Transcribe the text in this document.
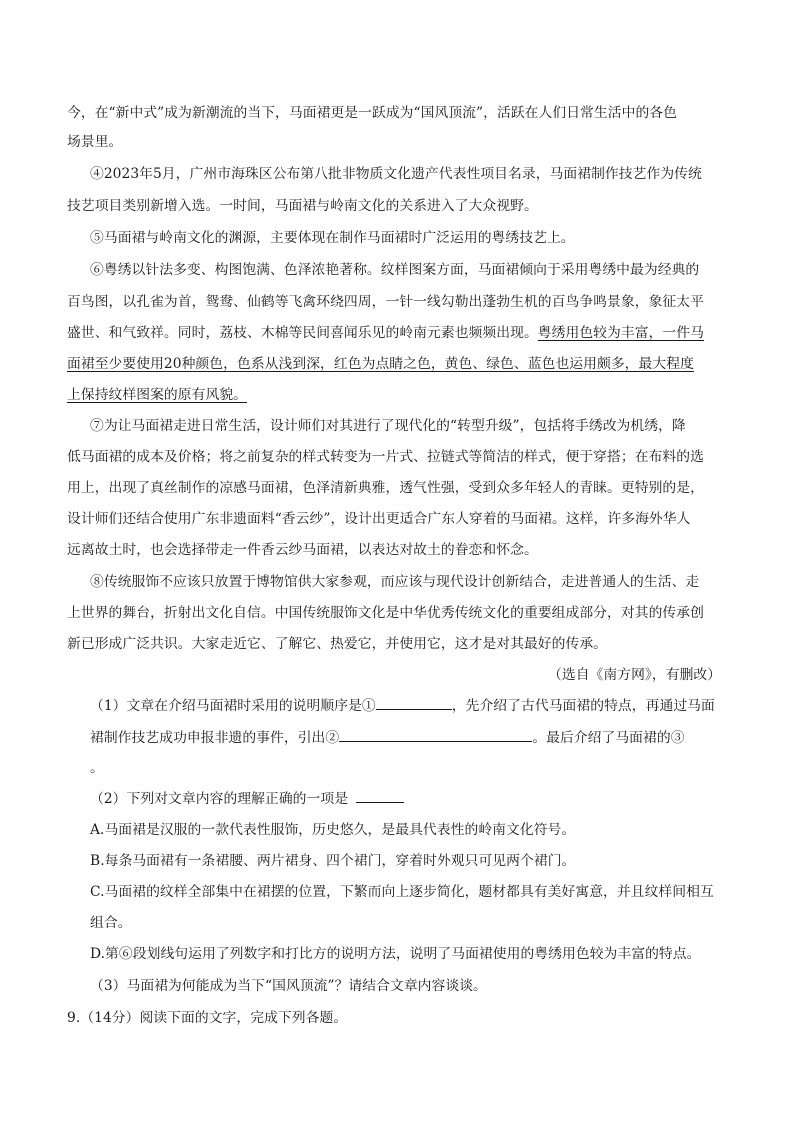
今，在“新中式”成为新潮流的当下，马面裙更是一跃成为“国风顶流”，活跃在人们日常生活中的各色
场景里。
④2023年5月，广州市海珠区公布第八批非物质文化遗产代表性项目名录，马面裙制作技艺作为传统
技艺项目类别新增入选。一时间，马面裙与岭南文化的关系进入了大众视野。
⑤马面裙与岭南文化的渊源，主要体现在制作马面裙时广泛运用的粤绣技艺上。
⑥粤绣以针法多变、构图饱满、色泽浓艳著称。纹样图案方面，马面裙倾向于采用粤绣中最为经典的
百鸟图，以孔雀为首，鸳鸯、仙鹤等飞禽环绕四周，一针一线勾勒出蓬勃生机的百鸟争鸣景象，象征太平
盛世、和气致祥。同时，荔枝、木棉等民间喜闻乐见的岭南元素也频频出现。粤绣用色较为丰富，一件马
面裙至少要使用20种颜色，色系从浅到深，红色为点睛之色，黄色、绿色、蓝色也运用颇多，最大程度
上保持纹样图案的原有风貌。
⑦为让马面裙走进日常生活，设计师们对其进行了现代化的“转型升级”，包括将手绣改为机绣，降
低马面裙的成本及价格；将之前复杂的样式转变为一片式、拉链式等简洁的样式，便于穿搭；在布料的选
用上，出现了真丝制作的凉感马面裙，色泽清新典雅，透气性强，受到众多年轻人的青睐。更特别的是，
设计师们还结合使用广东非遗面料“香云纱”，设计出更适合广东人穿着的马面裙。这样，许多海外华人
远离故土时，也会选择带走一件香云纱马面裙，以表达对故土的眷恋和怀念。
⑧传统服饰不应该只放置于博物馆供大家参观，而应该与现代设计创新结合，走进普通人的生活、走
上世界的舞台，折射出文化自信。中国传统服饰文化是中华优秀传统文化的重要组成部分，对其的传承创
新已形成广泛共识。大家走近它、了解它、热爱它，并使用它，这才是对其最好的传承。
（选自《南方网》，有删改）
（1）文章在介绍马面裙时采用的说明顺序是①	，先介绍了古代马面裙的特点，再通过马面
裙制作技艺成功申报非遗的事件，引出②	。最后介绍了马面裙的③
。
（2）下列对文章内容的理解正确的一项是
A.马面裙是汉服的一款代表性服饰，历史悠久，是最具代表性的岭南文化符号。
B.每条马面裙有一条裙腰、两片裙身、四个裙门，穿着时外观只可见两个裙门。
C.马面裙的纹样全部集中在裙摆的位置，下繁而向上逐步简化，题材都具有美好寓意，并且纹样间相互
组合。
D.第⑥段划线句运用了列数字和打比方的说明方法，说明了马面裙使用的粤绣用色较为丰富的特点。
（3）马面裙为何能成为当下“国风顶流”？请结合文章内容谈谈。
9.（14分）阅读下面的文字，完成下列各题。
